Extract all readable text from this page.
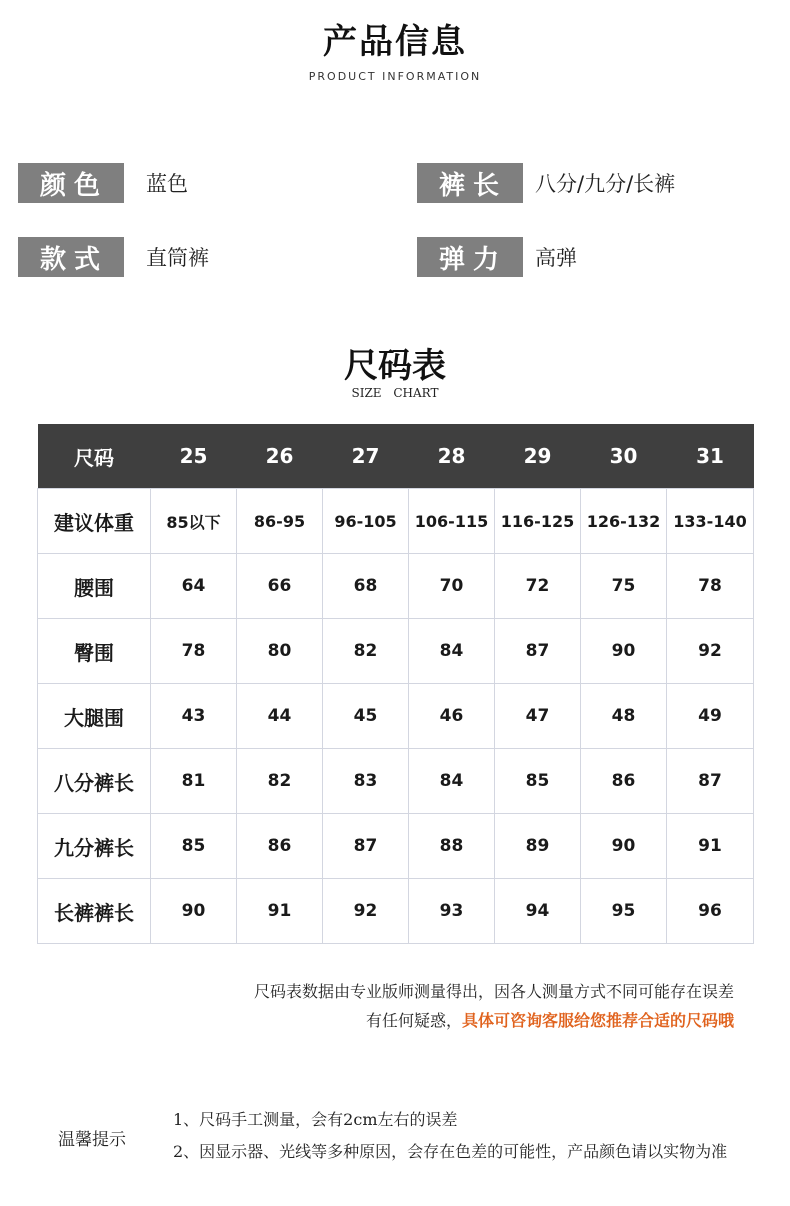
产品信息
PRODUCT INFORMATION
颜色	蓝色	裤长	八分/九分/长裤
款式	直筒裤	弹力	高弹
尺码表
SIZE CHART
尺码	25	26	27	28	29	30	31
建议体重	85以下	86-95	96-105	106-115	116-125	126-132	133-140
腰围	64	66	68	70	72	75	78
臀围	78	80	82	84	87	90	92
大腿围	43	44	45	46	47	48	49
八分裤长	81	82	83	84	85	86	87
九分裤长	85	86	87	88	89	90	91
长裤裤长	90	91	92	93	94	95	96
尺码表数据由专业版师测量得出，因各人测量方式不同可能存在误差
有任何疑惑，具体可咨询客服给您推荐合适的尺码哦
温馨提示
1、尺码手工测量，会有2cm左右的误差
2、因显示器、光线等多种原因，会存在色差的可能性，产品颜色请以实物为准
